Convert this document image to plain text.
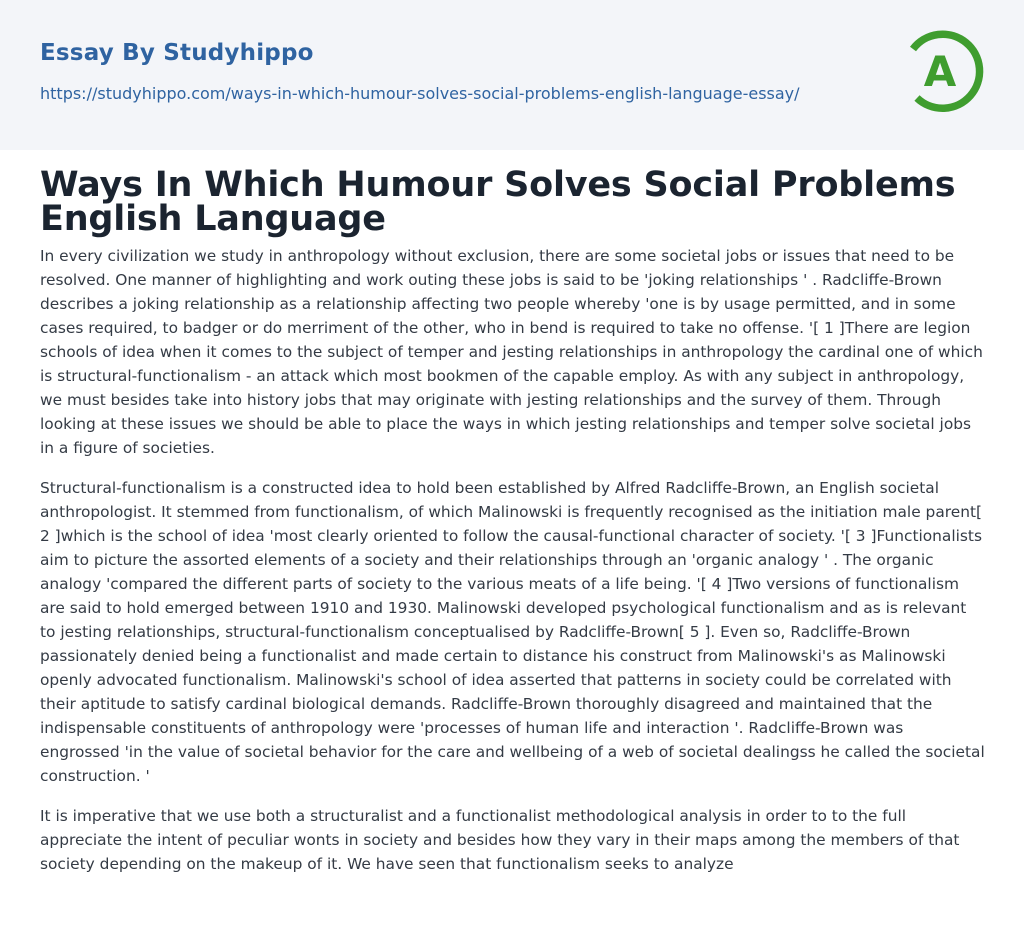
Essay By Studyhippo
https://studyhippo.com/ways-in-which-humour-solves-social-problems-english-language-essay/	A
Ways In Which Humour Solves Social Problems English Language

In every civilization we study in anthropology without exclusion, there are some societal jobs or issues that need to be resolved. One manner of highlighting and work outing these jobs is said to be 'joking relationships ' . Radcliffe-Brown describes a joking relationship as a relationship affecting two people whereby 'one is by usage permitted, and in some cases required, to badger or do merriment of the other, who in bend is required to take no offense. '[ 1 ]There are legion schools of idea when it comes to the subject of temper and jesting relationships in anthropology the cardinal one of which is structural-functionalism - an attack which most bookmen of the capable employ. As with any subject in anthropology, we must besides take into history jobs that may originate with jesting relationships and the survey of them. Through looking at these issues we should be able to place the ways in which jesting relationships and temper solve societal jobs in a figure of societies.

Structural-functionalism is a constructed idea to hold been established by Alfred Radcliffe-Brown, an English societal anthropologist. It stemmed from functionalism, of which Malinowski is frequently recognised as the initiation male parent[ 2 ]which is the school of idea 'most clearly oriented to follow the causal-functional character of society. '[ 3 ]Functionalists aim to picture the assorted elements of a society and their relationships through an 'organic analogy ' . The organic analogy 'compared the different parts of society to the various meats of a life being. '[ 4 ]Two versions of functionalism are said to hold emerged between 1910 and 1930. Malinowski developed psychological functionalism and as is relevant to jesting relationships, structural-functionalism conceptualised by Radcliffe-Brown[ 5 ]. Even so, Radcliffe-Brown passionately denied being a functionalist and made certain to distance his construct from Malinowski's as Malinowski openly advocated functionalism. Malinowski's school of idea asserted that patterns in society could be correlated with their aptitude to satisfy cardinal biological demands. Radcliffe-Brown thoroughly disagreed and maintained that the indispensable constituents of anthropology were 'processes of human life and interaction '. Radcliffe-Brown was engrossed 'in the value of societal behavior for the care and wellbeing of a web of societal dealingss he called the societal construction. '

It is imperative that we use both a structuralist and a functionalist methodological analysis in order to to the full appreciate the intent of peculiar wonts in society and besides how they vary in their maps among the members of that society depending on the makeup of it. We have seen that functionalism seeks to analyze
